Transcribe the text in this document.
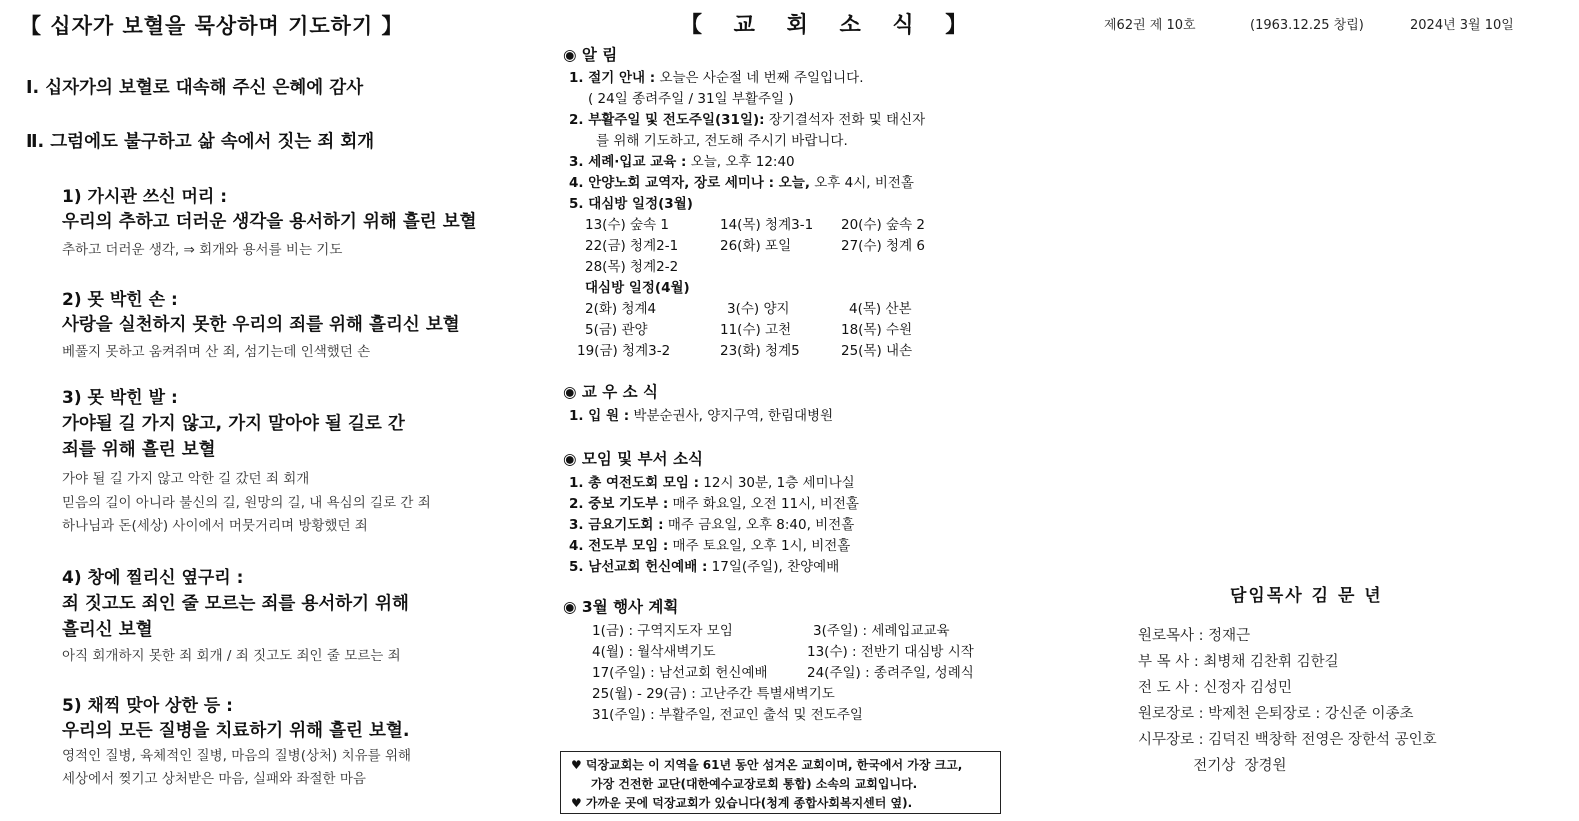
【 십자가 보혈을 묵상하며 기도하기 】
Ⅰ. 십자가의 보혈로 대속해 주신 은혜에 감사
Ⅱ. 그럼에도 불구하고 삶 속에서 짓는 죄 회개
1) 가시관 쓰신 머리 :
우리의 추하고 더러운 생각을 용서하기 위해 흘린 보혈
추하고 더러운 생각, ⇒ 회개와 용서를 비는 기도
2) 못 박힌 손 :
사랑을 실천하지 못한 우리의 죄를 위해 흘리신 보혈
베풀지 못하고 움켜쥐며 산 죄, 섬기는데 인색했던 손
3) 못 박힌 발 :
가야될 길 가지 않고, 가지 말아야 될 길로 간
죄를 위해 흘린 보혈
가야 될 길 가지 않고 악한 길 갔던 죄 회개
믿음의 길이 아니라 불신의 길, 원망의 길, 내 욕심의 길로 간 죄
하나님과 돈(세상) 사이에서 머뭇거리며 방황했던 죄
4) 창에 찔리신 옆구리 :
죄 짓고도 죄인 줄 모르는 죄를 용서하기 위해
흘리신 보혈
아직 회개하지 못한 죄 회개 / 죄 짓고도 죄인 줄 모르는 죄
5) 채찍 맞아 상한 등 :
우리의 모든 질병을 치료하기 위해 흘린 보혈.
영적인 질병, 육체적인 질병, 마음의 질병(상처) 치유를 위해
세상에서 찢기고 상처받은 마음, 실패와 좌절한 마음
【 교 회 소 식 】
◉ 알 림
1. 절기 안내 : 오늘은 사순절 네 번째 주일입니다.
( 24일 종려주일 / 31일 부활주일 )
2. 부활주일 및 전도주일(31일): 장기결석자 전화 및 태신자
를 위해 기도하고, 전도해 주시기 바랍니다.
3. 세례·입교 교육 : 오늘, 오후 12:40
4. 안양노회 교역자, 장로 세미나 : 오늘, 오후 4시, 비전홀
5. 대심방 일정(3월)
13(수) 숲속 1	14(목) 청계3-1 20(수) 숲속 2
22(금) 청계2-1	26(화) 포일	27(수) 청계 6
28(목) 청계2-2
대심방 일정(4월)
2(화) 청계4	3(수) 양지	4(목) 산본
5(금) 관양	11(수) 고천	18(목) 수원
19(금) 청계3-2	23(화) 청계5	25(목) 내손
◉ 교 우 소 식
1. 입 원 : 박분순권사, 양지구역, 한림대병원
◉ 모임 및 부서 소식
1. 총 여전도회 모임 : 12시 30분, 1층 세미나실
2. 중보 기도부 : 매주 화요일, 오전 11시, 비전홀
3. 금요기도회 : 매주 금요일, 오후 8:40, 비전홀
4. 전도부 모임 : 매주 토요일, 오후 1시, 비전홀
5. 남선교회 헌신예배 : 17일(주일), 찬양예배
◉ 3월 행사 계획
1(금) : 구역지도자 모임	3(주일) : 세례입교교육
4(월) : 월삭새벽기도	13(수) : 전반기 대심방 시작
17(주일) : 남선교회 헌신예배	24(주일) : 종려주일, 성례식
25(월) - 29(금) : 고난주간 특별새벽기도
31(주일) : 부활주일, 전교인 출석 및 전도주일
♥ 덕장교회는 이 지역을 61년 동안 섬겨온 교회이며, 한국에서 가장 크고,
가장 건전한 교단(대한예수교장로회 통합) 소속의 교회입니다.
♥ 가까운 곳에 덕장교회가 있습니다(청계 종합사회복지센터 옆).
제62권 제 10호	(1963.12.25 창립)	2024년 3월 10일
담임목사 김 문 년
원로목사 : 정재근
부 목 사 : 최병채 김찬휘 김한길
전 도 사 : 신정자 김성민
원로장로 : 박제천 은퇴장로 : 강신준 이종초
시무장로 : 김덕진 백창학 전영은 장한석 공인호
전기상  장경원
